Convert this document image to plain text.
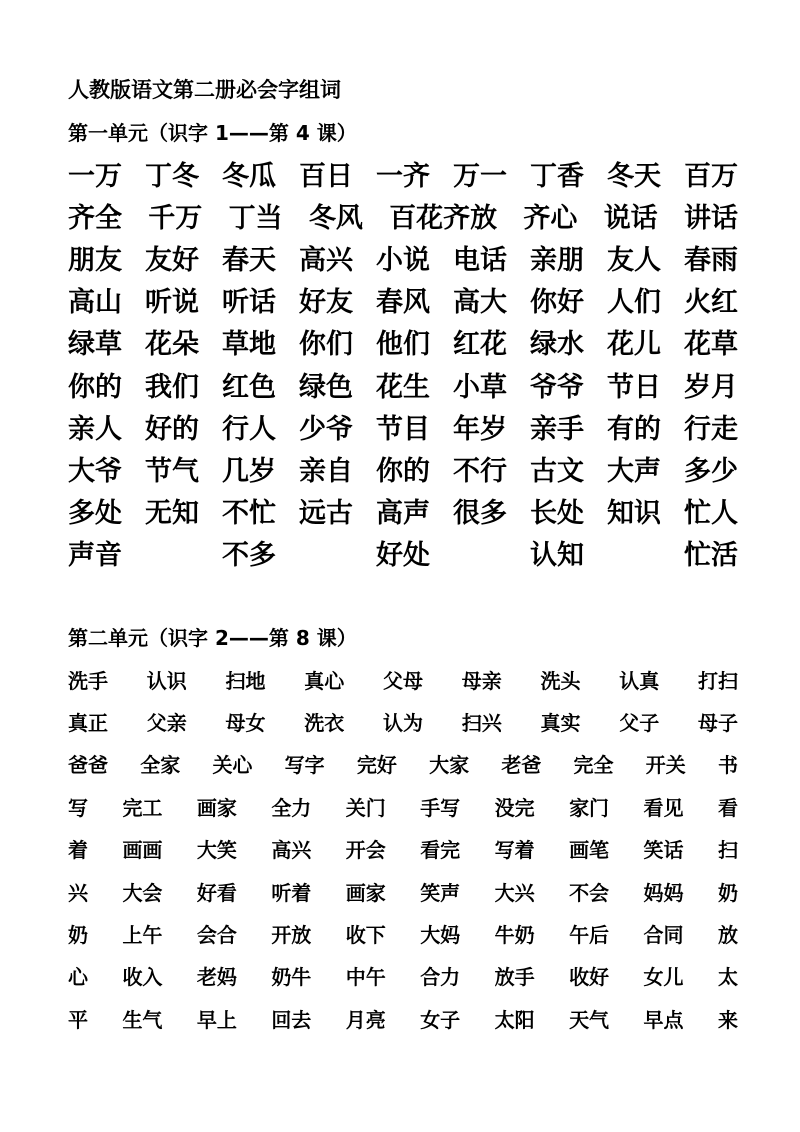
人教版语文第二册必会字组词
第一单元（识字 1——第 4 课）
一万 丁冬 冬瓜 百日 一齐 万一 丁香 冬天 百万
齐全 千万 丁当 冬风 百花齐放 齐心 说话 讲话
朋友 友好 春天 高兴 小说 电话 亲朋 友人 春雨
高山 听说 听话 好友 春风 高大 你好 人们 火红
绿草 花朵 草地 你们 他们 红花 绿水 花儿 花草
你的 我们 红色 绿色 花生 小草 爷爷 节日 岁月
亲人 好的 行人 少爷 节目 年岁 亲手 有的 行走
大爷 节气 几岁 亲自 你的 不行 古文 大声 多少
多处 无知 不忙 远古 高声 很多 长处 知识 忙人
声音	不多	好处	认知	忙活
第二单元（识字 2——第 8 课）
洗手 认识 扫地 真心 父母 母亲 洗头 认真 打扫
真正 父亲 母女 洗衣 认为 扫兴 真实 父子 母子
爸爸 全家 关心 写字 完好 大家 老爸 完全 开关 书
写 完工 画家 全力 关门 手写 没完 家门 看见 看
着 画画 大笑 高兴 开会 看完 写着 画笔 笑话 扫
兴 大会 好看 听着 画家 笑声 大兴 不会 妈妈 奶
奶 上午 会合 开放 收下 大妈 牛奶 午后 合同 放
心 收入 老妈 奶牛 中午 合力 放手 收好 女儿 太
平 生气 早上 回去 月亮 女子 太阳 天气 早点 来
